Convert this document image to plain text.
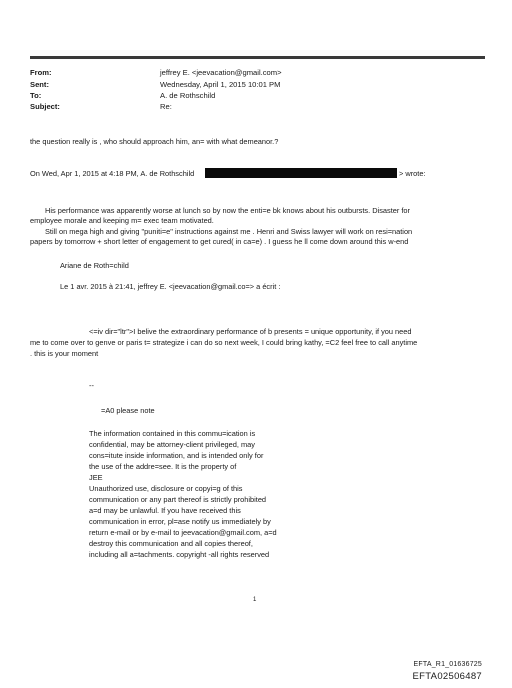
From:	jeffrey E. <jeevacation@gmail.com>
Sent:	Wednesday, April 1, 2015 10:01 PM
To:	A. de Rothschild
Subject:	Re:
the question really is , who should approach him, an= with what demeanor.?
On Wed, Apr 1, 2015 at 4:18 PM, A. de Rothschild	> wrote:
His performance was apparently worse at lunch so by now the enti=e bk knows about his outbursts. Disaster for
employee morale and keeping m= exec team motivated.
Still on mega high and giving "puniti=e" instructions against me . Henri and Swiss lawyer will work on resi=nation
papers by tomorrow + short letter of engagement to get cured( in ca=e) . I guess he ll come down around this w-end
Ariane de Roth=child
Le 1 avr. 2015 à 21:41, jeffrey E. <jeevacation@gmail.co=> a écrit :
<=iv dir="ltr">I belive the extraordinary performance of b presents = unique opportunity, if you need
me to come over to genve or paris t= strategize i can do so next week, I could bring kathy, =C2 feel free to call anytime
. this is your moment
--
=A0 please note
The information contained in this commu=ication is
confidential, may be attorney-client privileged, may
cons=itute inside information, and is intended only for
the use of the addre=see. It is the property of
JEE
Unauthorized use, disclosure or copyi=g of this
communication or any part thereof is strictly prohibited
a=d may be unlawful. If you have received this
communication in error, pl=ase notify us immediately by
return e-mail or by e-mail to jeevacation@gmail.com, a=d
destroy this communication and all copies thereof,
including all a=tachments. copyright -all rights reserved
1
EFTA_R1_01636725
EFTA02506487
